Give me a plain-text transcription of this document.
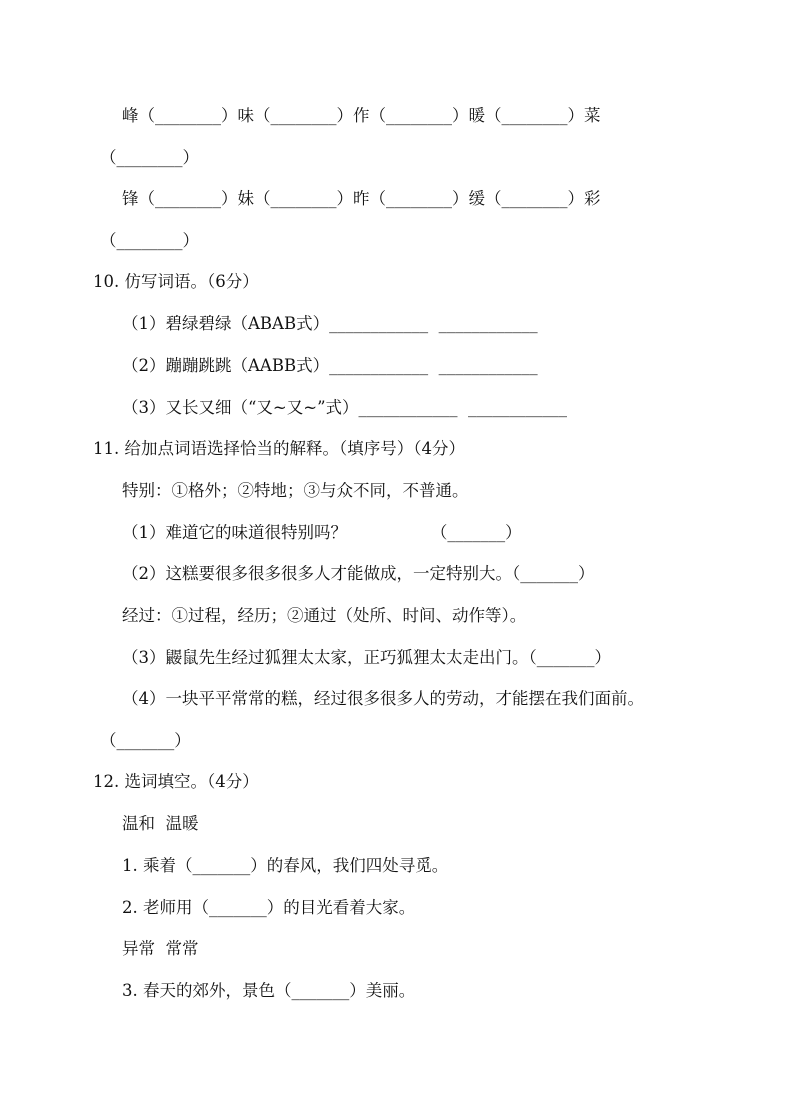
峰（________）味（________）作（________）暖（________）菜
（________）
锋（________）妹（________）昨（________）缓（________）彩
（________）
10. 仿写词语。（6分）
（1）碧绿碧绿（ABAB式）____________  ____________
（2）蹦蹦跳跳（AABB式）____________  ____________
（3）又长又细（“又~又~”式）____________  ____________
11. 给加点词语选择恰当的解释。（填序号）（4分）
特别：①格外；②特地；③与众不同，不普通。
（1）难道它的味道很特别吗？                （_______）
（2）这糕要很多很多很多人才能做成，一定特别大。（_______）
经过：①过程，经历；②通过（处所、时间、动作等）。
（3）鼹鼠先生经过狐狸太太家，正巧狐狸太太走出门。（_______）
（4）一块平平常常的糕，经过很多很多人的劳动，才能摆在我们面前。
（_______）
12. 选词填空。（4分）
温和  温暖
1. 乘着（_______）的春风，我们四处寻觅。
2. 老师用（_______）的目光看着大家。
异常  常常
3. 春天的郊外，景色（_______）美丽。
